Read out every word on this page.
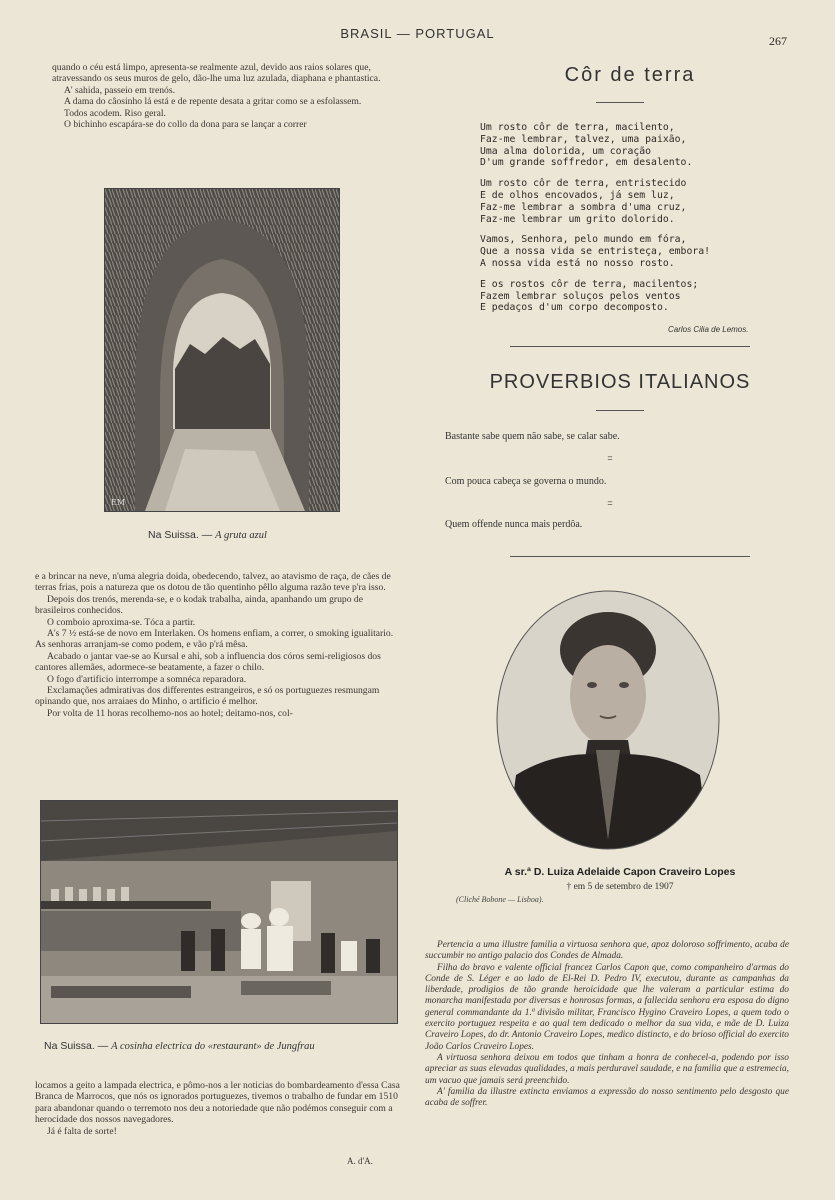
BRASIL — PORTUGAL	267

quando o céu está limpo, apresenta-se realmente azul, devido aos raios solares que, atravessando os seus muros de gelo, dão-lhe uma luz azulada, diaphana e phantastica.

A' sahida, passeio em trenós.

A dama do câosinho lá está e de repente desata a gritar como se a esfolassem.

Todos acodem. Riso geral.

O bichinho escapára-se do collo da dona para se lançar a correr

EM
Na Suissa. — A gruta azul

e a brincar na neve, n'uma alegria doida, obedecendo, talvez, ao atavismo de raça, de cães de terras frias, pois a natureza que os dotou de tão quentinho pêllo alguma razão teve p'ra isso.

Depois dos trenós, merenda-se, e o kodak trabalha, ainda, apanhando um grupo de brasileiros conhecidos.

O comboio aproxima-se. Tóca a partir.

A's 7 ½ está-se de novo em Interlaken. Os homens enfiam, a correr, o smoking igualitario. As senhoras arranjam-se como podem, e vão p'rá mêsa.

Acabado o jantar vae-se ao Kursal e ahi, sob a influencia dos córos semi-religiosos dos cantores allemães, adormece-se beatamente, a fazer o chilo.

O fogo d'artificio interrompe a somnéca reparadora.

Exclamações admirativas dos differentes estrangeiros, e só os portuguezes resmungam opinando que, nos arraiaes do Minho, o artificio é melhor.

Por volta de 11 horas recolhemo-nos ao hotel; deitamo-nos, col-

Na Suissa. — A cosinha electrica do «restaurant» de Jungfrau

locamos a geito a lampada electrica, e pômo-nos a ler noticias do bombardeamento d'essa Casa Branca de Marrocos, que nós os ignorados portuguezes, tivemos o trabalho de fundar em 1510 para abandonar quando o terremoto nos deu a notoriedade que não podémos conseguir com a herocidade dos nossos navegadores.

Já é falta de sorte!

A. d'A.
Côr de terra
Um rosto côr de terra, macilento,
Faz-me lembrar, talvez, uma paixão,
Uma alma dolorida, um coração
D'um grande soffredor, em desalento.
Um rosto côr de terra, entristecido
E de olhos encovados, já sem luz,
Faz-me lembrar a sombra d'uma cruz,
Faz-me lembrar um grito dolorido.
Vamos, Senhora, pelo mundo em fóra,
Que a nossa vida se entristeça, embora!
A nossa vida está no nosso rosto.
E os rostos côr de terra, macilentos;
Fazem lembrar soluços pelos ventos
E pedaços d'um corpo decomposto.
Carlos Cilia de Lemos.
PROVERBIOS ITALIANOS
Bastante sabe quem não sabe, se calar sabe.
=
Com pouca cabeça se governa o mundo.
=
Quem offende nunca mais perdôa.
A sr.ª D. Luiza Adelaide Capon Craveiro Lopes
† em 5 de setembro de 1907
(Cliché Bobone — Lisboa).

Pertencia a uma illustre familia a virtuosa senhora que, apoz doloroso soffrimento, acaba de succumbir no antigo palacio dos Condes de Almada.

Filha do bravo e valente official francez Carlos Capon que, como companheiro d'armas do Conde de S. Léger e ao lado de El-Rei D. Pedro IV, executou, durante as campanhas da liberdade, prodigios de tão grande heroicidade que lhe valeram a particular estima do monarcha manifestada por diversas e honrosas formas, a fallecida senhora era esposa do digno general commandante da 1.ª divisão militar, Francisco Hygino Craveiro Lopes, a quem todo o exercito portuguez respeita e ao qual tem dedicado o melhor da sua vida, e mãe de D. Luiza Craveiro Lopes, do dr. Antonio Craveiro Lopes, medico distincto, e do brioso official do exercito João Carlos Craveiro Lopes.

A virtuosa senhora deixou em todos que tinham a honra de conhecel-a, podendo por isso apreciar as suas elevadas qualidades, a mais perduravel saudade, e na familia que a estremecia, um vacuo que jamais será preenchido.

A' familia da illustre extincta enviamos a expressão do nosso sentimento pelo desgosto que acaba de soffrer.
